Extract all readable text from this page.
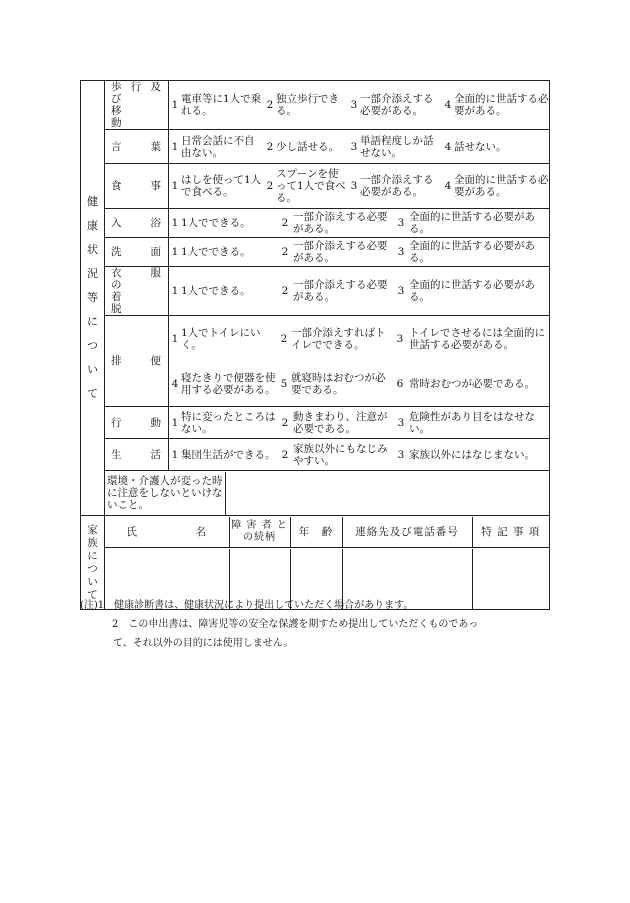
健
康
状
況
等
に
つ
い
て

歩 行 及 び
移　　　動

1	電車等に1人で乗れる。	2	独立歩行できる。	3	一部介添えする必要がある。	4	全面的に世話する必要がある。

言　　葉
	1	日常会話に不自由ない。	2	少し話せる。	3	単語程度しか話せない。	4	話せない。

食　　事
	1	はしを使って1人で食べる。	2	スプーンを使って1人で食べる。	3	一部介添えする必要がある。	4	全面的に世話する必要がある。

入　　浴
	1	1人でできる。	2	一部介添えする必要がある。	3	全面的に世話する必要がある。

洗　　面
	1	1人でできる。	2	一部介添えする必要がある。	3	全面的に世話する必要がある。

衣　服　の
着　　　脱

1	1人でできる。	2	一部介添えする必要がある。	3	全面的に世話する必要がある。

排　　便

1	1人でトイレにいく。	2	一部介添えすればトイレでできる。	3	トイレでさせるには全面的に世話する必要がある。
4	寝たきりで便器を使用する必要がある。	5	就寝時はおむつが必要である。	6	常時おむつが必要である。

行　　動
	1	特に変ったところはない。	2	動きまわり、注意が必要である。	3	危険性があり目をはなせない。

生　　活
	1	集団生活ができる。	2	家族以外にもなじみやすい。	3	家族以外にはなじまない。

環境・介護人が変った時に注意をしないといけないこと。	

家
族
に
つ
い
て

氏　　　　　名	障 害 者 との続柄	年　齢	連絡先及び電話番号	特 記 事 項

(注)1　健康診断書は、健康状況により提出していただく場合があります。
2　この申出書は、障害児等の安全な保護を期すため提出していただくものであっ
て、それ以外の目的には使用しません。
